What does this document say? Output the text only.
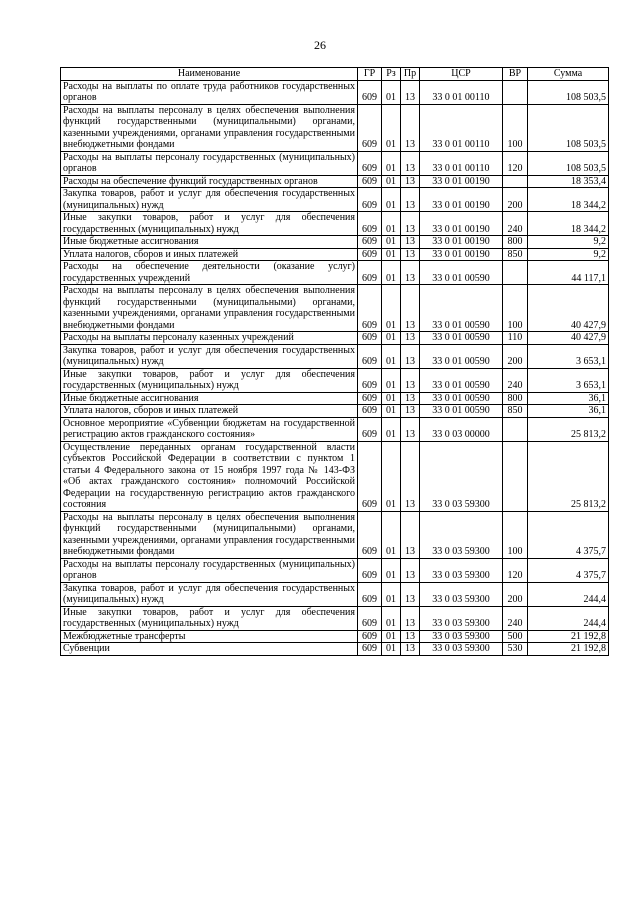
26
Наименование	ГР	Рз	Пр	ЦСР	ВР	Сумма
Расходы на выплаты по оплате труда работников государственных органов	609	01	13	33 0 01 00110		108 503,5
Расходы на выплаты персоналу в целях обеспечения выполнения функций государственными (муниципальными) органами, казенными учреждениями, органами управления государственными внебюджетными фондами	609	01	13	33 0 01 00110	100	108 503,5
Расходы на выплаты персоналу государственных (муниципальных) органов	609	01	13	33 0 01 00110	120	108 503,5
Расходы на обеспечение функций государственных органов	609	01	13	33 0 01 00190		18 353,4
Закупка товаров, работ и услуг для обеспечения государственных (муниципальных) нужд	609	01	13	33 0 01 00190	200	18 344,2
Иные закупки товаров, работ и услуг для обеспечения государственных (муниципальных) нужд	609	01	13	33 0 01 00190	240	18 344,2
Иные бюджетные ассигнования	609	01	13	33 0 01 00190	800	9,2
Уплата налогов, сборов и иных платежей	609	01	13	33 0 01 00190	850	9,2
Расходы на обеспечение деятельности (оказание услуг) государственных учреждений	609	01	13	33 0 01 00590		44 117,1
Расходы на выплаты персоналу в целях обеспечения выполнения функций государственными (муниципальными) органами, казенными учреждениями, органами управления государственными внебюджетными фондами	609	01	13	33 0 01 00590	100	40 427,9
Расходы на выплаты персоналу казенных учреждений	609	01	13	33 0 01 00590	110	40 427,9
Закупка товаров, работ и услуг для обеспечения государственных (муниципальных) нужд	609	01	13	33 0 01 00590	200	3 653,1
Иные закупки товаров, работ и услуг для обеспечения государственных (муниципальных) нужд	609	01	13	33 0 01 00590	240	3 653,1
Иные бюджетные ассигнования	609	01	13	33 0 01 00590	800	36,1
Уплата налогов, сборов и иных платежей	609	01	13	33 0 01 00590	850	36,1
Основное мероприятие «Субвенции бюджетам на государственной регистрацию актов гражданского состояния»	609	01	13	33 0 03 00000		25 813,2
Осуществление переданных органам государственной власти субъектов Российской Федерации в соответствии с пунктом 1 статьи 4 Федерального закона от 15 ноября 1997 года № 143-ФЗ «Об актах гражданского состояния» полномочий Российской Федерации на государственную регистрацию актов гражданского состояния	609	01	13	33 0 03 59300		25 813,2
Расходы на выплаты персоналу в целях обеспечения выполнения функций государственными (муниципальными) органами, казенными учреждениями, органами управления государственными внебюджетными фондами	609	01	13	33 0 03 59300	100	4 375,7
Расходы на выплаты персоналу государственных (муниципальных) органов	609	01	13	33 0 03 59300	120	4 375,7
Закупка товаров, работ и услуг для обеспечения государственных (муниципальных) нужд	609	01	13	33 0 03 59300	200	244,4
Иные закупки товаров, работ и услуг для обеспечения государственных (муниципальных) нужд	609	01	13	33 0 03 59300	240	244,4
Межбюджетные трансферты	609	01	13	33 0 03 59300	500	21 192,8
Субвенции	609	01	13	33 0 03 59300	530	21 192,8
